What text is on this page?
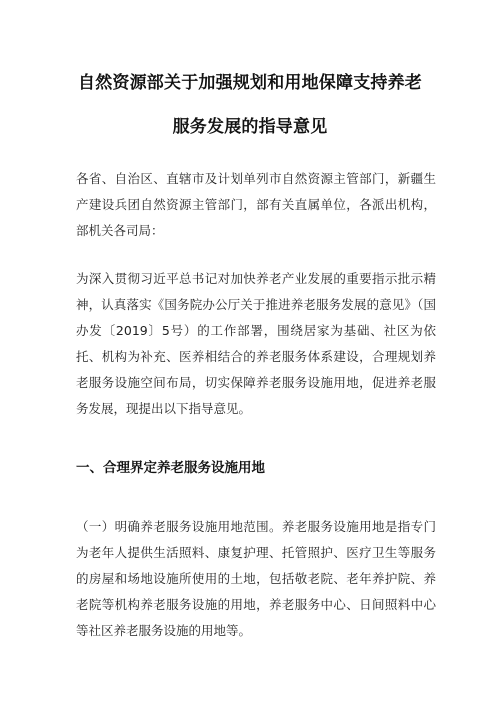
自然资源部关于加强规划和用地保障支持养老
服务发展的指导意见
各省、自治区、直辖市及计划单列市自然资源主管部门，新疆生产建设兵团自然资源主管部门，部有关直属单位，各派出机构，部机关各司局：
为深入贯彻习近平总书记对加快养老产业发展的重要指示批示精神，认真落实《国务院办公厅关于推进养老服务发展的意见》（国办发〔2019〕5号）的工作部署，围绕居家为基础、社区为依托、机构为补充、医养相结合的养老服务体系建设，合理规划养老服务设施空间布局，切实保障养老服务设施用地，促进养老服务发展，现提出以下指导意见。
一、合理界定养老服务设施用地
（一）明确养老服务设施用地范围。养老服务设施用地是指专门为老年人提供生活照料、康复护理、托管照护、医疗卫生等服务的房屋和场地设施所使用的土地，包括敬老院、老年养护院、养老院等机构养老服务设施的用地，养老服务中心、日间照料中心等社区养老服务设施的用地等。
